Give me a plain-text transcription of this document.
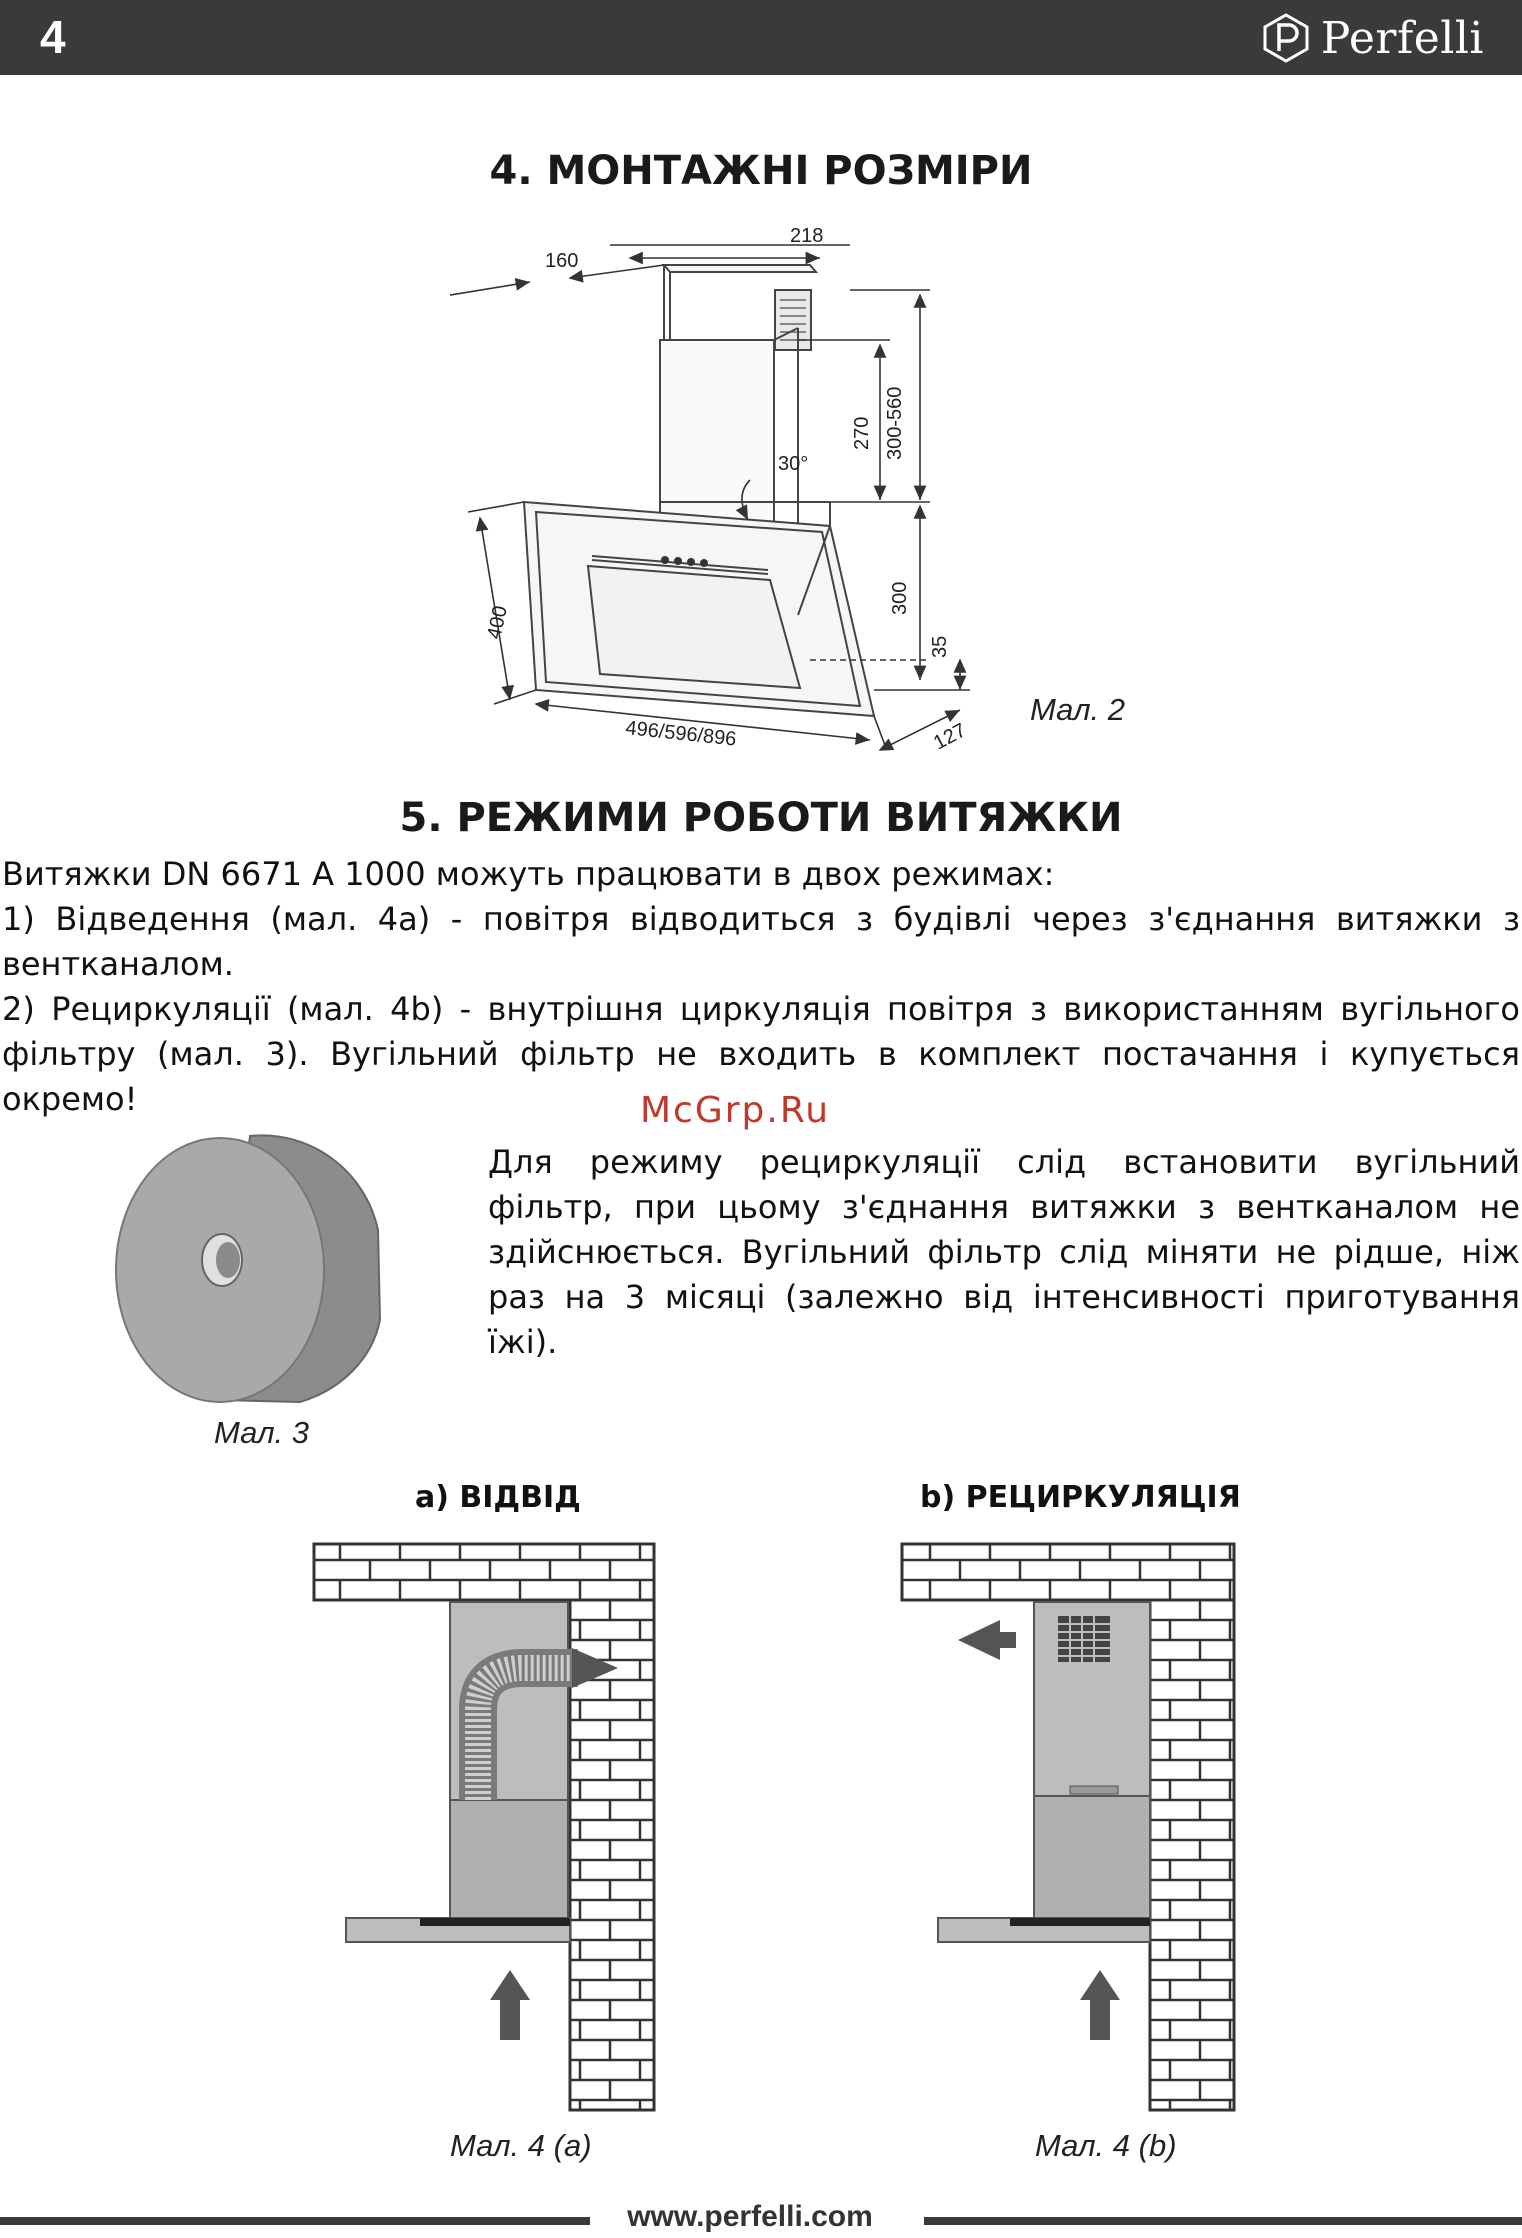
4	Perfelli
4. МОНТАЖНІ РОЗМІРИ
218
160
270 300-560
30°
400
300
35
496/596/896	127
Мал. 2
5. РЕЖИМИ РОБОТИ ВИТЯЖКИ

Витяжки DN 6671 A 1000 можуть працювати в двох режимах:

1) Відведення (мал. 4а) - повітря відводиться з будівлі через з'єднання витяжки з вентканалом.

2) Рециркуляції (мал. 4b) - внутрішня циркуляція повітря з використанням вугільного фільтру (мал. 3). Вугільний фільтр не входить в комплект постачання і купується окремо!	McGrp.Ru

Для режиму рециркуляції слід встановити вугільний фільтр, при цьому з'єднання витяжки з вентканалом не здійснюється. Вугільний фільтр слід міняти не рідше, ніж раз на 3 місяці (залежно від інтенсивності приготування їжі).

Мал. 3
a) ВІДВІД	b) РЕЦИРКУЛЯЦІЯ
Мал. 4 (a)	Мал. 4 (b)
www.perfelli.com
